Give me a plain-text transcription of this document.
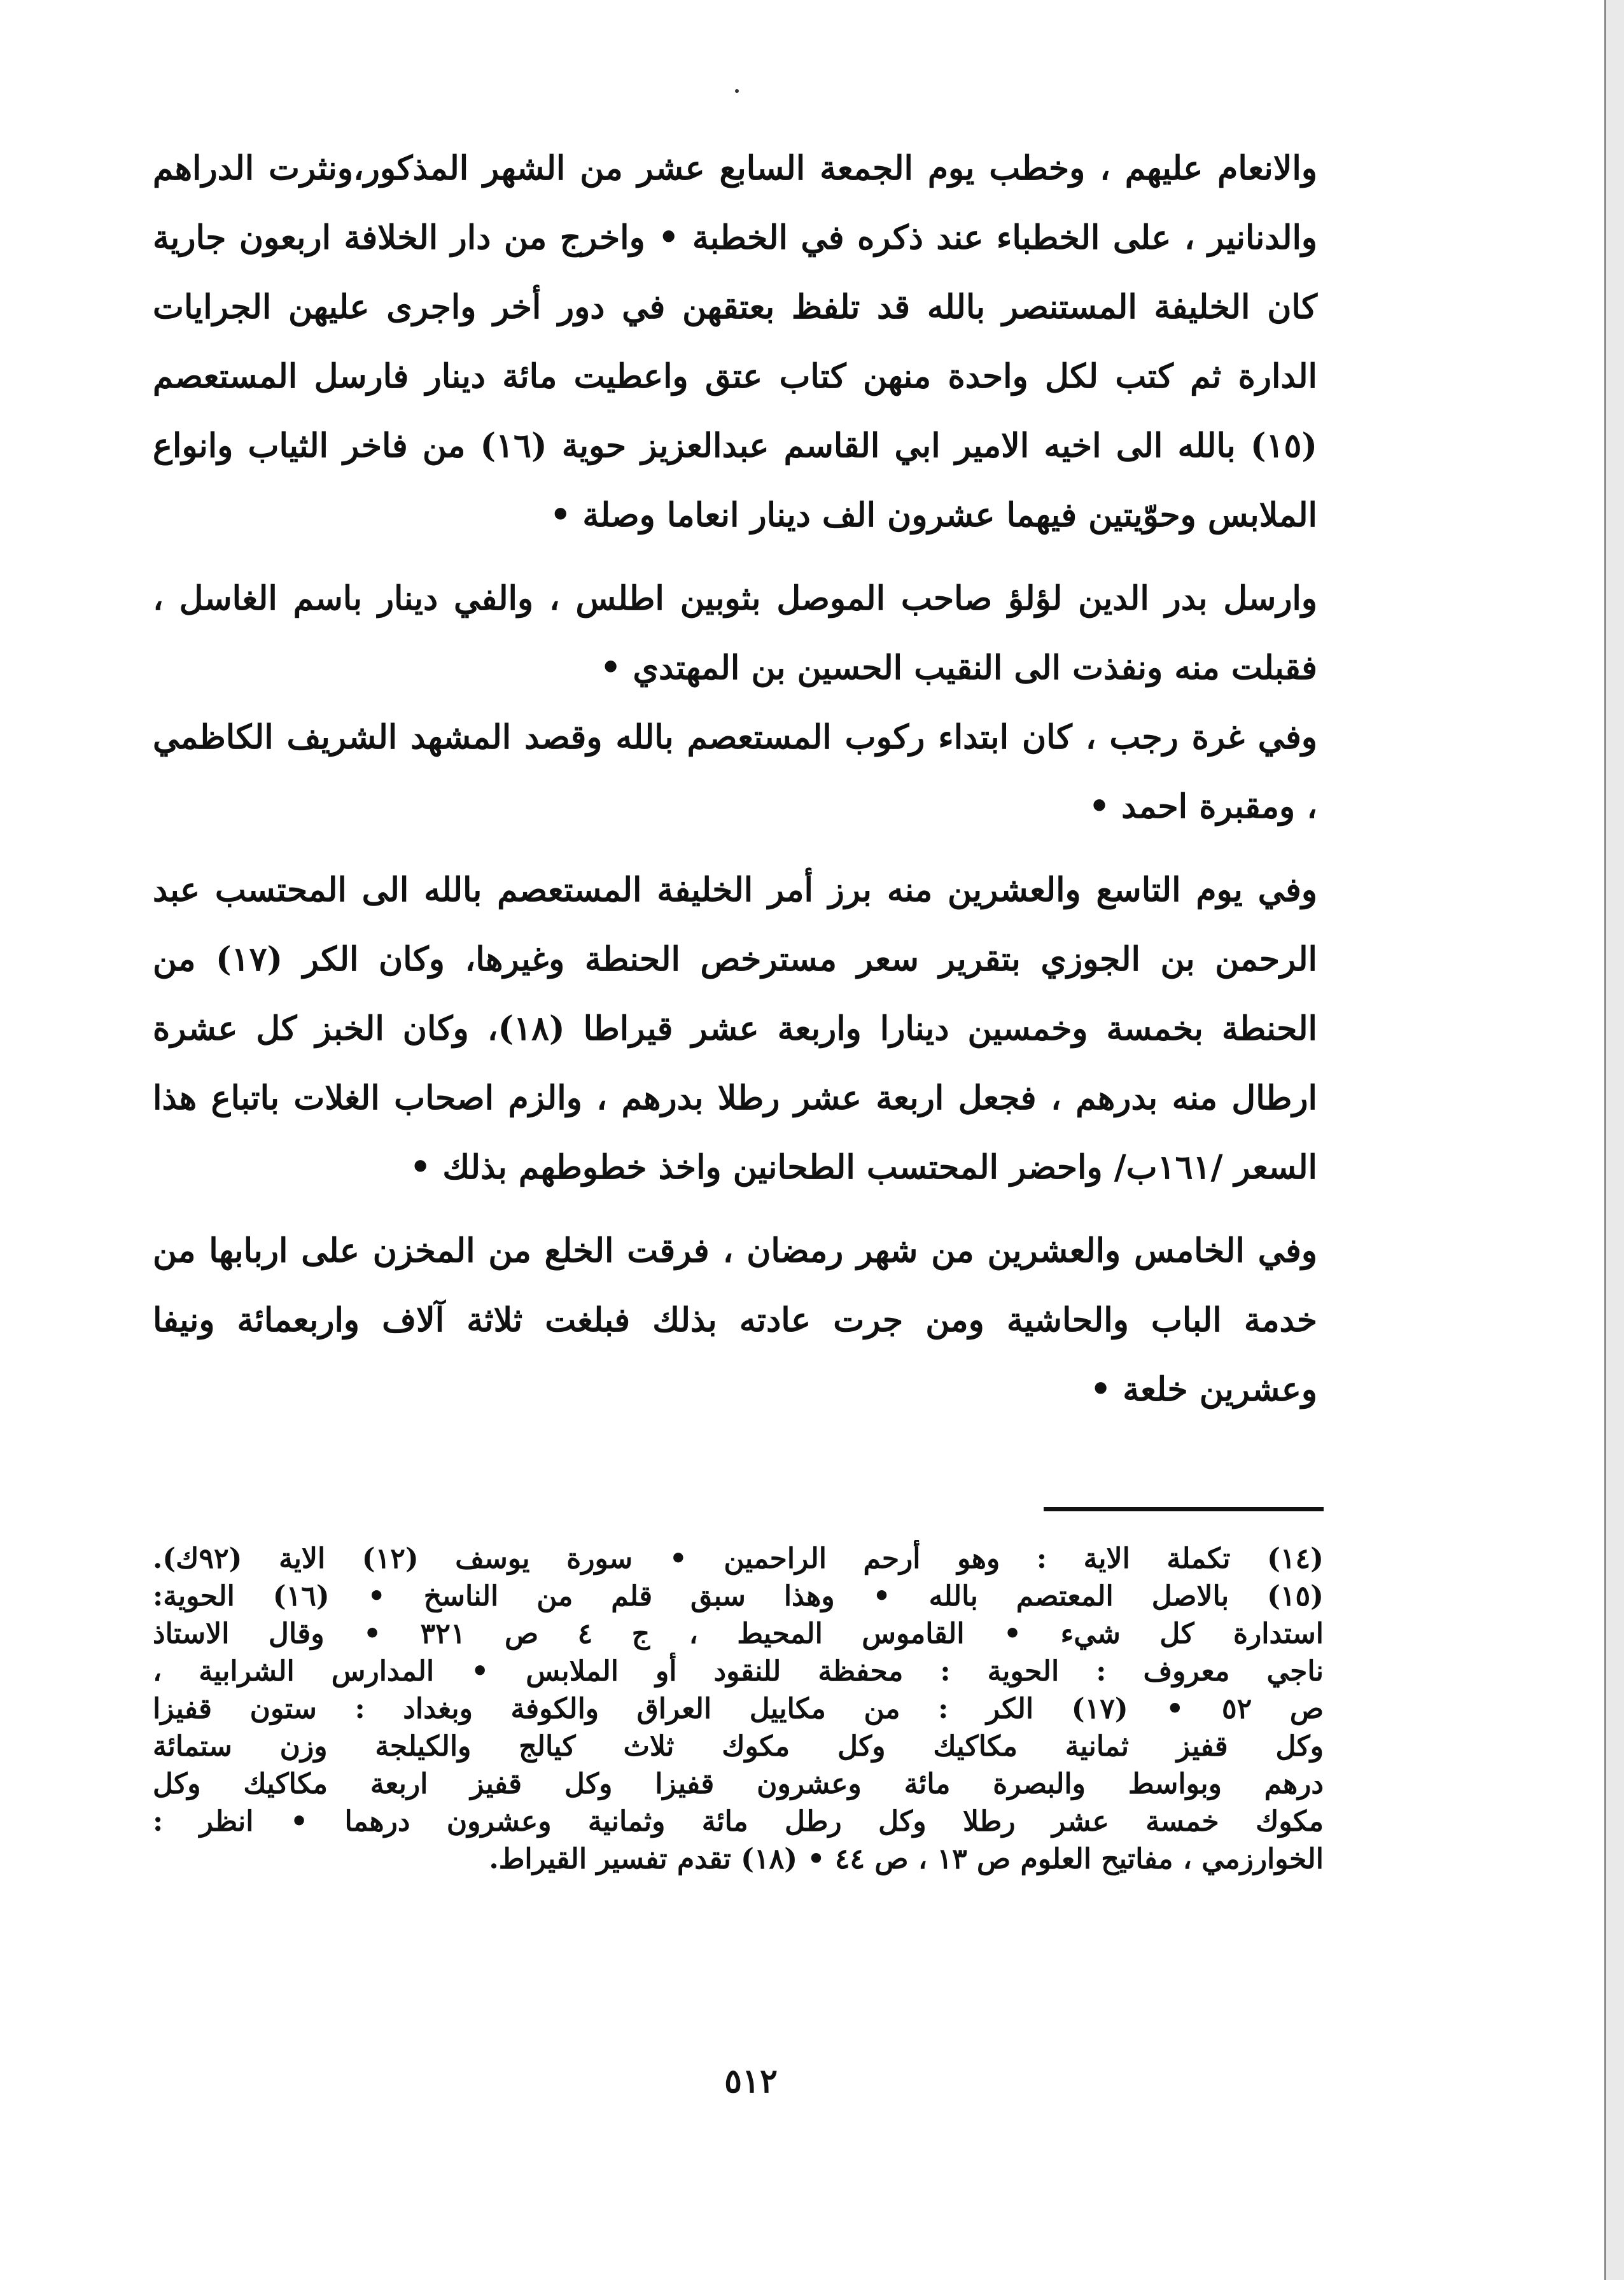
والانعام عليهم ، وخطب يوم الجمعة السابع عشر من الشهر المذكور،ونثرت الدراهم والدنانير ، على الخطباء عند ذكره في الخطبة • واخرج من دار الخلافة اربعون جارية كان الخليفة المستنصر بالله قد تلفظ بعتقهن في دور أخر واجرى عليهن الجرايات الدارة ثم كتب لكل واحدة منهن كتاب عتق واعطيت مائة دينار فارسل المستعصم (١٥) بالله الى اخيه الامير ابي القاسم عبدالعزيز حوية (١٦) من فاخر الثياب وانواع الملابس وحوّيتين فيهما عشرون الف دينار انعاما وصلة •

وارسل بدر الدين لؤلؤ صاحب الموصل بثوبين اطلس ، والفي دينار باسم الغاسل ، فقبلت منه ونفذت الى النقيب الحسين بن المهتدي •

وفي غرة رجب ، كان ابتداء ركوب المستعصم بالله وقصد المشهد الشريف الكاظمي ، ومقبرة احمد •

وفي يوم التاسع والعشرين منه برز أمر الخليفة المستعصم بالله الى المحتسب عبد الرحمن بن الجوزي بتقرير سعر مسترخص الحنطة وغيرها، وكان الكر (١٧) من الحنطة بخمسة وخمسين دينارا واربعة عشر قيراطا (١٨)، وكان الخبز كل عشرة ارطال منه بدرهم ، فجعل اربعة عشر رطلا بدرهم ، والزم اصحاب الغلات باتباع هذا السعر /١٦١ب/ واحضر المحتسب الطحانين واخذ خطوطهم بذلك •

وفي الخامس والعشرين من شهر رمضان ، فرقت الخلع من المخزن على اربابها من خدمة الباب والحاشية ومن جرت عادته بذلك فبلغت ثلاثة آلاف واربعمائة ونيفا وعشرين خلعة •

(١٤) تكملة الاية : وهو أرحم الراحمين • سورة يوسف (١٢) الاية (٩٢ك).
(١٥) بالاصل المعتصم بالله • وهذا سبق قلم من الناسخ • (١٦) الحوية:
استدارة كل شيء • القاموس المحيط ، ج ٤ ص ٣٢١ • وقال الاستاذ
ناجي معروف : الحوية : محفظة للنقود أو الملابس • المدارس الشرابية ،
ص ٥٢ • (١٧) الكر : من مكاييل العراق والكوفة وبغداد : ستون قفيزا
وكل قفيز ثمانية مكاكيك وكل مكوك ثلاث كيالج والكيلجة وزن ستمائة
درهم وبواسط والبصرة مائة وعشرون قفيزا وكل قفيز اربعة مكاكيك وكل
مكوك خمسة عشر رطلا وكل رطل مائة وثمانية وعشرون درهما • انظر :
الخوارزمي ، مفاتيح العلوم ص ١٣ ، ص ٤٤ • (١٨) تقدم تفسير القيراط.
٥١٢
